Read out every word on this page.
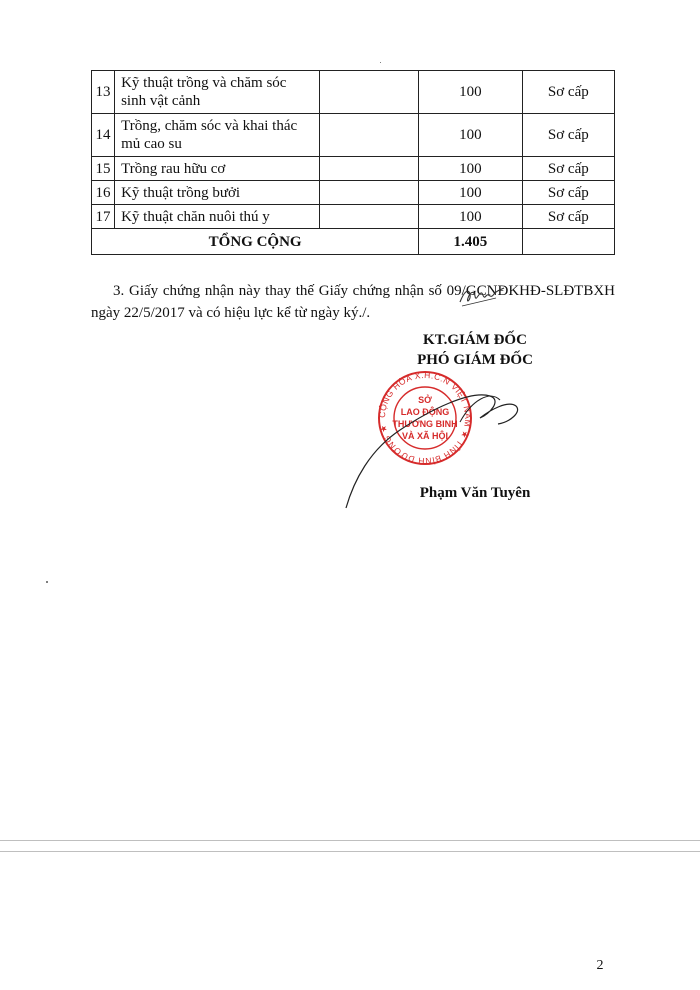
13	Kỹ thuật trồng và chăm sóc sinh vật cảnh		100	Sơ cấp
14	Trồng, chăm sóc và khai thác mủ cao su		100	Sơ cấp
15	Trồng rau hữu cơ		100	Sơ cấp
16	Kỹ thuật trồng bưởi		100	Sơ cấp
17	Kỹ thuật chăn nuôi thú y		100	Sơ cấp
TỔNG CỘNG			1.405	

3. Giấy chứng nhận này thay thế Giấy chứng nhận số 09/GCNĐKHĐ-SLĐTBXH ngày 22/5/2017 và có hiệu lực kể từ ngày ký./.

KT.GIÁM ĐỐC
PHÓ GIÁM ĐỐC
CỘNG HÒA X.H.C.N VIỆT NAM ★ TỈNH BÌNH DƯƠNG ★
SỞ
LAO ĐỘNG
THƯƠNG BINH
VÀ XÃ HỘI
Phạm Văn Tuyên
2
